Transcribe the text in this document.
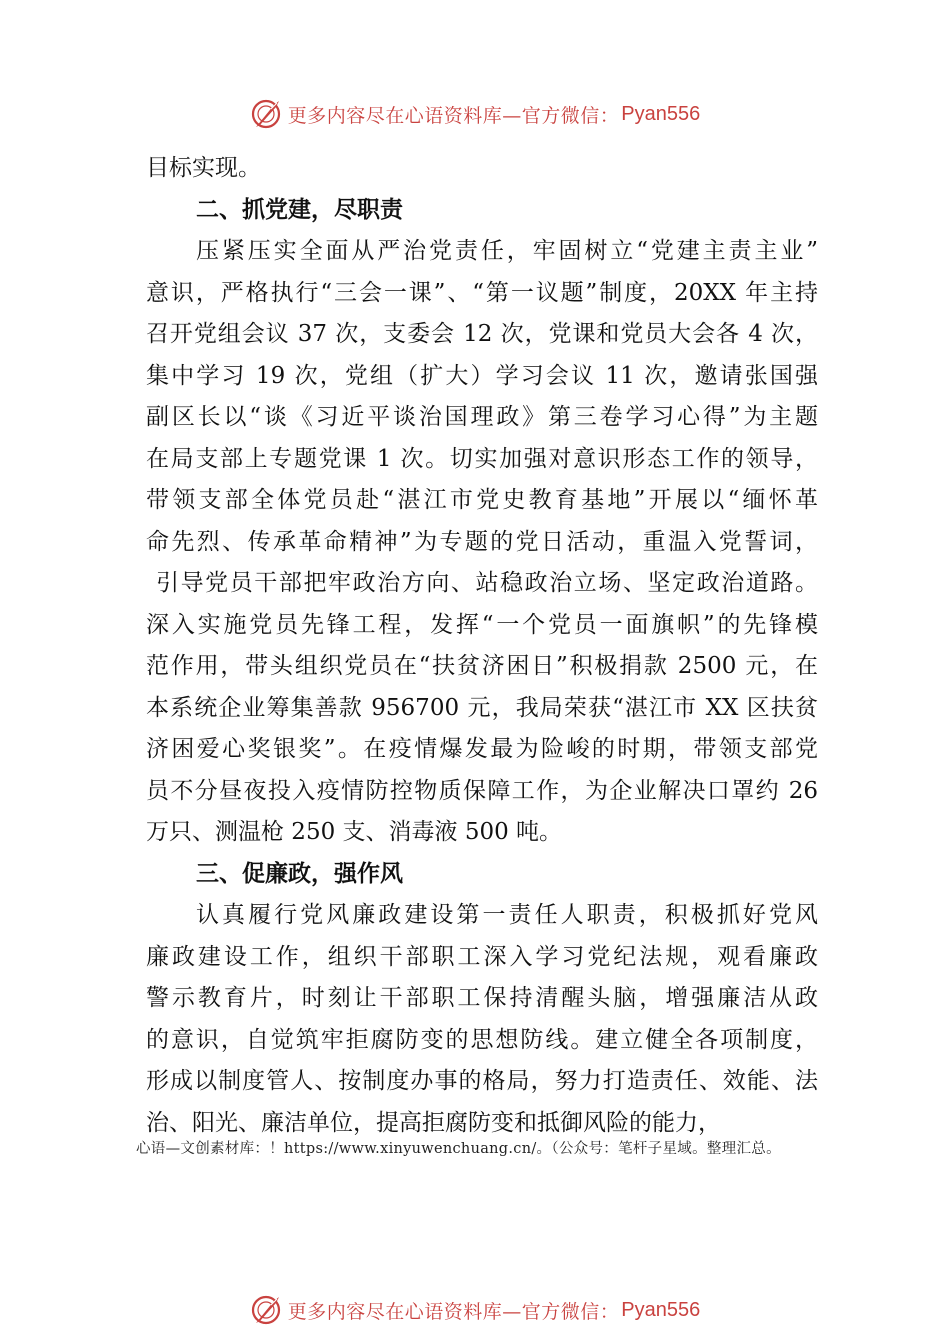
更多内容尽在心语资料库—官方微信： Pyan556
目标实现。
二、抓党建，尽职责
压紧压实全面从严治党责任，牢固树立“党建主责主业”
意识，严格执行“三会一课”、“第一议题”制度，20XX 年主持
召开党组会议 37 次，支委会 12 次，党课和党员大会各 4 次，
集中学习 19 次，党组（扩大）学习会议 11 次，邀请张国强
副区长以“谈《习近平谈治国理政》第三卷学习心得”为主题
在局支部上专题党课 1 次。切实加强对意识形态工作的领导，
带领支部全体党员赴“湛江市党史教育基地”开展以“缅怀革
命先烈、传承革命精神”为专题的党日活动，重温入党誓词，
引导党员干部把牢政治方向、站稳政治立场、坚定政治道路。
深入实施党员先锋工程，发挥“一个党员一面旗帜”的先锋模
范作用，带头组织党员在“扶贫济困日”积极捐款 2500 元，在
本系统企业筹集善款 956700 元，我局荣获“湛江市 XX 区扶贫
济困爱心奖银奖”。在疫情爆发最为险峻的时期，带领支部党
员不分昼夜投入疫情防控物质保障工作，为企业解决口罩约 26
万只、测温枪 250 支、消毒液 500 吨。
三、促廉政，强作风
认真履行党风廉政建设第一责任人职责，积极抓好党风
廉政建设工作，组织干部职工深入学习党纪法规，观看廉政
警示教育片，时刻让干部职工保持清醒头脑，增强廉洁从政
的意识，自觉筑牢拒腐防变的思想防线。建立健全各项制度，
形成以制度管人、按制度办事的格局，努力打造责任、效能、法
治、阳光、廉洁单位，提高拒腐防变和抵御风险的能力，
心语—文创素材库：！https://www.xinyuwenchuang.cn/。（公众号：笔杆子星域。整理汇总。
更多内容尽在心语资料库—官方微信： Pyan556
